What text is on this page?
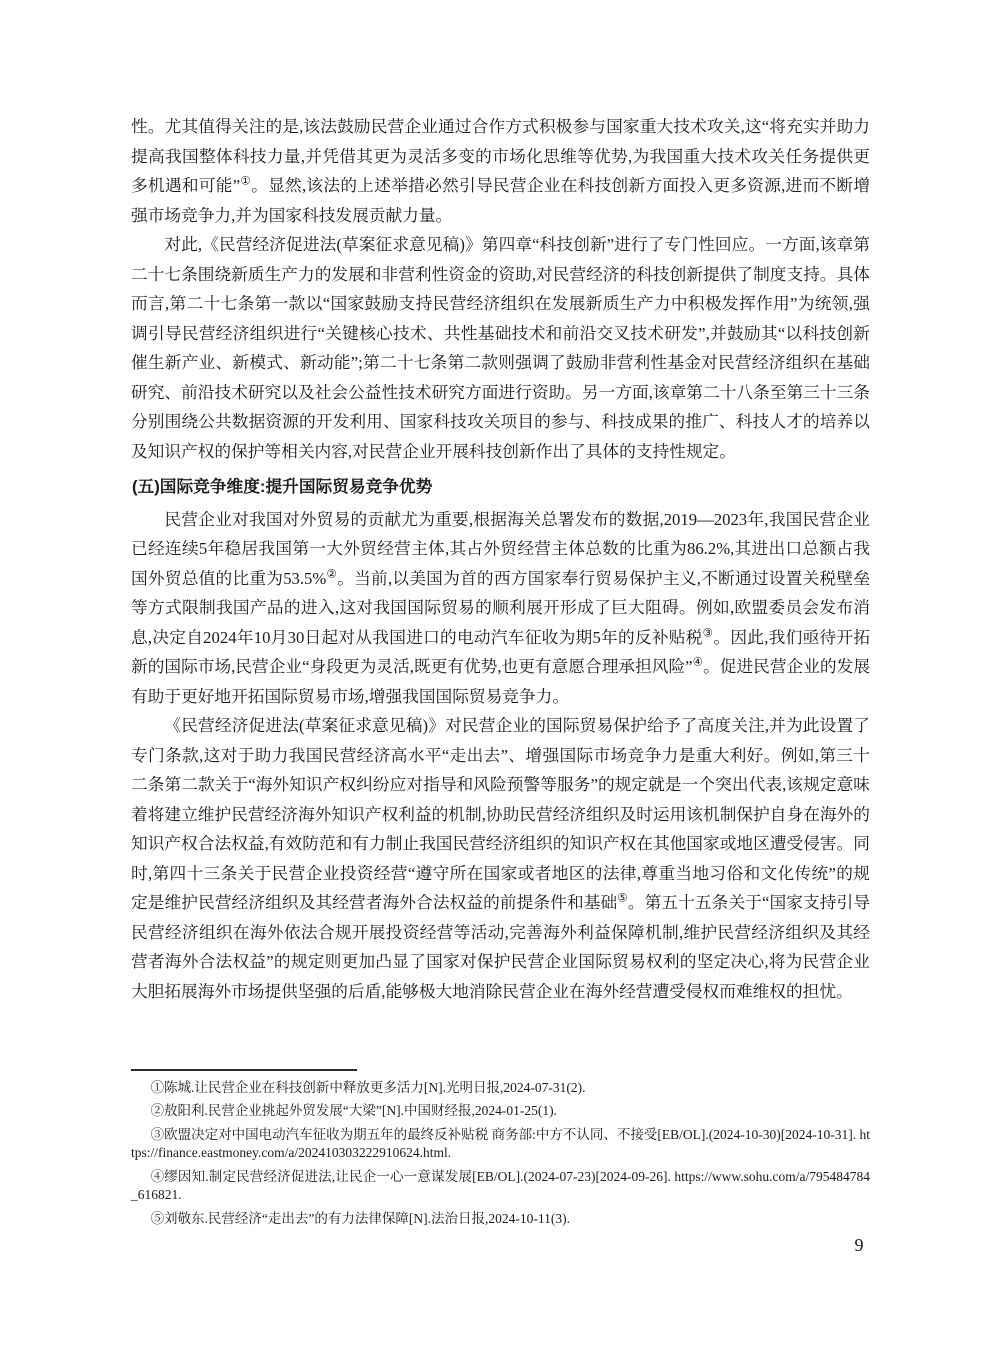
性。尤其值得关注的是,该法鼓励民营企业通过合作方式积极参与国家重大技术攻关,这“将充实并助力提高我国整体科技力量,并凭借其更为灵活多变的市场化思维等优势,为我国重大技术攻关任务提供更多机遇和可能”①。显然,该法的上述举措必然引导民营企业在科技创新方面投入更多资源,进而不断增强市场竞争力,并为国家科技发展贡献力量。

对此,《民营经济促进法(草案征求意见稿)》第四章“科技创新”进行了专门性回应。一方面,该章第二十七条围绕新质生产力的发展和非营利性资金的资助,对民营经济的科技创新提供了制度支持。具体而言,第二十七条第一款以“国家鼓励支持民营经济组织在发展新质生产力中积极发挥作用”为统领,强调引导民营经济组织进行“关键核心技术、共性基础技术和前沿交叉技术研发”,并鼓励其“以科技创新催生新产业、新模式、新动能”;第二十七条第二款则强调了鼓励非营利性基金对民营经济组织在基础研究、前沿技术研究以及社会公益性技术研究方面进行资助。另一方面,该章第二十八条至第三十三条分别围绕公共数据资源的开发利用、国家科技攻关项目的参与、科技成果的推广、科技人才的培养以及知识产权的保护等相关内容,对民营企业开展科技创新作出了具体的支持性规定。

(五)国际竞争维度:提升国际贸易竞争优势

民营企业对我国对外贸易的贡献尤为重要,根据海关总署发布的数据,2019—2023年,我国民营企业已经连续5年稳居我国第一大外贸经营主体,其占外贸经营主体总数的比重为86.2%,其进出口总额占我国外贸总值的比重为53.5%②。当前,以美国为首的西方国家奉行贸易保护主义,不断通过设置关税壁垒等方式限制我国产品的进入,这对我国国际贸易的顺利展开形成了巨大阻碍。例如,欧盟委员会发布消息,决定自2024年10月30日起对从我国进口的电动汽车征收为期5年的反补贴税③。因此,我们亟待开拓新的国际市场,民营企业“身段更为灵活,既更有优势,也更有意愿合理承担风险”④。促进民营企业的发展有助于更好地开拓国际贸易市场,增强我国国际贸易竞争力。

《民营经济促进法(草案征求意见稿)》对民营企业的国际贸易保护给予了高度关注,并为此设置了专门条款,这对于助力我国民营经济高水平“走出去”、增强国际市场竞争力是重大利好。例如,第三十二条第二款关于“海外知识产权纠纷应对指导和风险预警等服务”的规定就是一个突出代表,该规定意味着将建立维护民营经济海外知识产权利益的机制,协助民营经济组织及时运用该机制保护自身在海外的知识产权合法权益,有效防范和有力制止我国民营经济组织的知识产权在其他国家或地区遭受侵害。同时,第四十三条关于民营企业投资经营“遵守所在国家或者地区的法律,尊重当地习俗和文化传统”的规定是维护民营经济组织及其经营者海外合法权益的前提条件和基础⑤。第五十五条关于“国家支持引导民营经济组织在海外依法合规开展投资经营等活动,完善海外利益保障机制,维护民营经济组织及其经营者海外合法权益”的规定则更加凸显了国家对保护民营企业国际贸易权利的坚定决心,将为民营企业大胆拓展海外市场提供坚强的后盾,能够极大地消除民营企业在海外经营遭受侵权而难维权的担忧。

①陈城.让民营企业在科技创新中释放更多活力[N].光明日报,2024-07-31(2).

②敖阳利.民营企业挑起外贸发展“大梁”[N].中国财经报,2024-01-25(1).

③欧盟决定对中国电动汽车征收为期五年的最终反补贴税 商务部:中方不认同、不接受[EB/OL].(2024-10-30)[2024-10-31]. https://finance.eastmoney.com/a/202410303222910624.html.

④缪因知.制定民营经济促进法,让民企一心一意谋发展[EB/OL].(2024-07-23)[2024-09-26]. https://www.sohu.com/a/795484784_616821.

⑤刘敬东.民营经济“走出去”的有力法律保障[N].法治日报,2024-10-11(3).

9
